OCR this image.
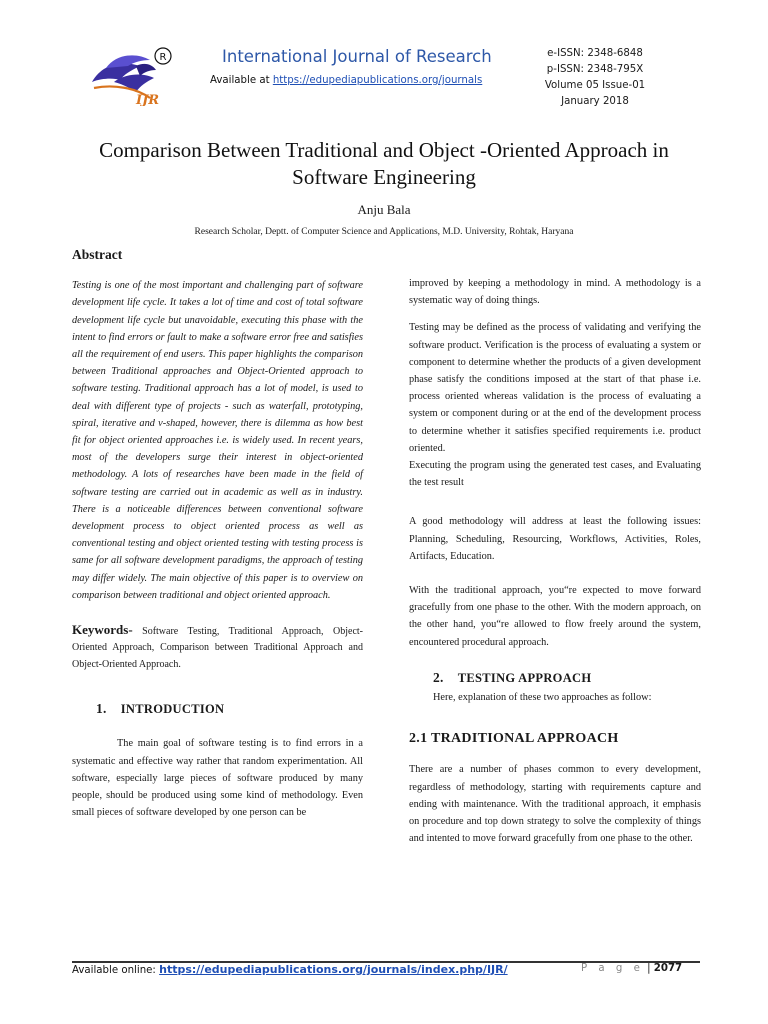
IJR
R	International Journal of Research
Available at https://edupediapublications.org/journals
e-ISSN: 2348-6848
p-ISSN: 2348-795X
Volume 05 Issue-01
January 2018
Comparison Between Traditional and Object -Oriented Approach in Software Engineering
Anju Bala
Research Scholar, Deptt. of Computer Science and Applications, M.D. University, Rohtak, Haryana
Abstract

Testing is one of the most important and challenging part of software development life cycle. It takes a lot of time and cost of total software development life cycle but unavoidable, executing this phase with the intent to find errors or fault to make a software error free and satisfies all the requirement of end users. This paper highlights the comparison between Traditional approaches and Object-Oriented approach to software testing. Traditional approach has a lot of model, is used to deal with different type of projects - such as waterfall, prototyping, spiral, iterative and v-shaped, however, there is dilemma as how best fit for object oriented approaches i.e. is widely used. In recent years, most of the developers surge their interest in object-oriented methodology. A lots of researches have been made in the field of software testing are carried out in academic as well as in industry. There is a noticeable differences between conventional software development process to object oriented process as well as conventional testing and object oriented testing with testing process is same for all software development paradigms, the approach of testing may differ widely. The main objective of this paper is to overview on comparison between traditional and object oriented approach.

Keywords- Software Testing, Traditional Approach, Object-Oriented Approach, Comparison between Traditional Approach and Object-Oriented Approach.

1. INTRODUCTION

The main goal of software testing is to find errors in a systematic and effective way rather that random experimentation. All software, especially large pieces of software produced by many people, should be produced using some kind of methodology. Even small pieces of software developed by one person can be

improved by keeping a methodology in mind. A methodology is a systematic way of doing things.

Testing may be defined as the process of validating and verifying the software product. Verification is the process of evaluating a system or component to determine whether the products of a given development phase satisfy the conditions imposed at the start of that phase i.e. process oriented whereas validation is the process of evaluating a system or component during or at the end of the development process to determine whether it satisfies specified requirements i.e. product oriented.

Executing the program using the generated test cases, and Evaluating the test result

A good methodology will address at least the following issues: Planning, Scheduling, Resourcing, Workflows, Activities, Roles, Artifacts, Education.

With the traditional approach, you“re expected to move forward gracefully from one phase to the other. With the modern approach, on the other hand, you“re allowed to flow freely around the system, encountered procedural approach.

2. TESTING APPROACH

Here, explanation of these two approaches as follow:

2.1 TRADITIONAL APPROACH

There are a number of phases common to every development, regardless of methodology, starting with requirements capture and ending with maintenance. With the traditional approach, it emphasis on procedure and top down strategy to solve the complexity of things and intented to move forward gracefully from one phase to the other.

Available online: https://edupediapublications.org/journals/index.php/IJR/	P a g e | 2077
